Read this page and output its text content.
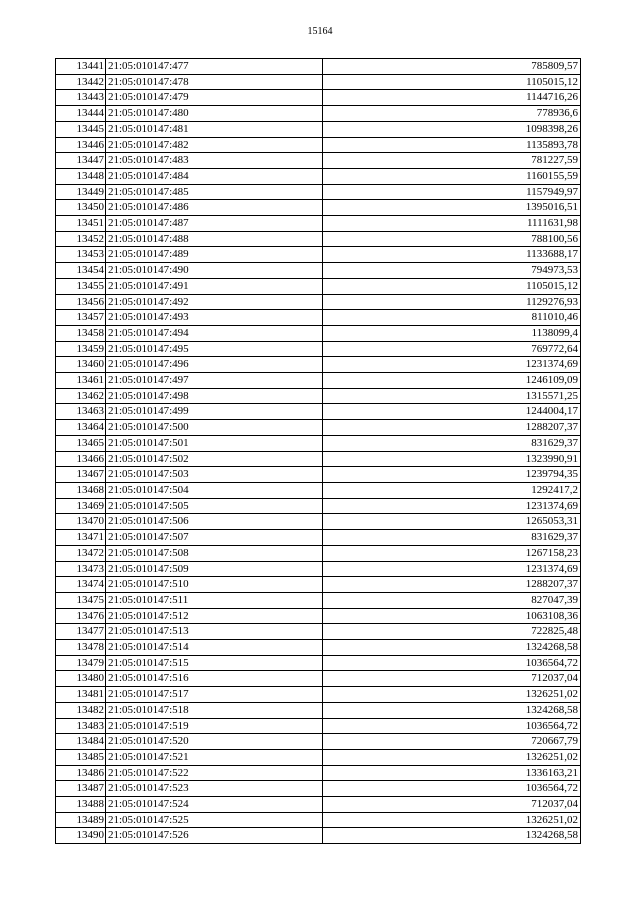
15164
13441	21:05:010147:477	785809,57
13442	21:05:010147:478	1105015,12
13443	21:05:010147:479	1144716,26
13444	21:05:010147:480	778936,6
13445	21:05:010147:481	1098398,26
13446	21:05:010147:482	1135893,78
13447	21:05:010147:483	781227,59
13448	21:05:010147:484	1160155,59
13449	21:05:010147:485	1157949,97
13450	21:05:010147:486	1395016,51
13451	21:05:010147:487	1111631,98
13452	21:05:010147:488	788100,56
13453	21:05:010147:489	1133688,17
13454	21:05:010147:490	794973,53
13455	21:05:010147:491	1105015,12
13456	21:05:010147:492	1129276,93
13457	21:05:010147:493	811010,46
13458	21:05:010147:494	1138099,4
13459	21:05:010147:495	769772,64
13460	21:05:010147:496	1231374,69
13461	21:05:010147:497	1246109,09
13462	21:05:010147:498	1315571,25
13463	21:05:010147:499	1244004,17
13464	21:05:010147:500	1288207,37
13465	21:05:010147:501	831629,37
13466	21:05:010147:502	1323990,91
13467	21:05:010147:503	1239794,35
13468	21:05:010147:504	1292417,2
13469	21:05:010147:505	1231374,69
13470	21:05:010147:506	1265053,31
13471	21:05:010147:507	831629,37
13472	21:05:010147:508	1267158,23
13473	21:05:010147:509	1231374,69
13474	21:05:010147:510	1288207,37
13475	21:05:010147:511	827047,39
13476	21:05:010147:512	1063108,36
13477	21:05:010147:513	722825,48
13478	21:05:010147:514	1324268,58
13479	21:05:010147:515	1036564,72
13480	21:05:010147:516	712037,04
13481	21:05:010147:517	1326251,02
13482	21:05:010147:518	1324268,58
13483	21:05:010147:519	1036564,72
13484	21:05:010147:520	720667,79
13485	21:05:010147:521	1326251,02
13486	21:05:010147:522	1336163,21
13487	21:05:010147:523	1036564,72
13488	21:05:010147:524	712037,04
13489	21:05:010147:525	1326251,02
13490	21:05:010147:526	1324268,58
